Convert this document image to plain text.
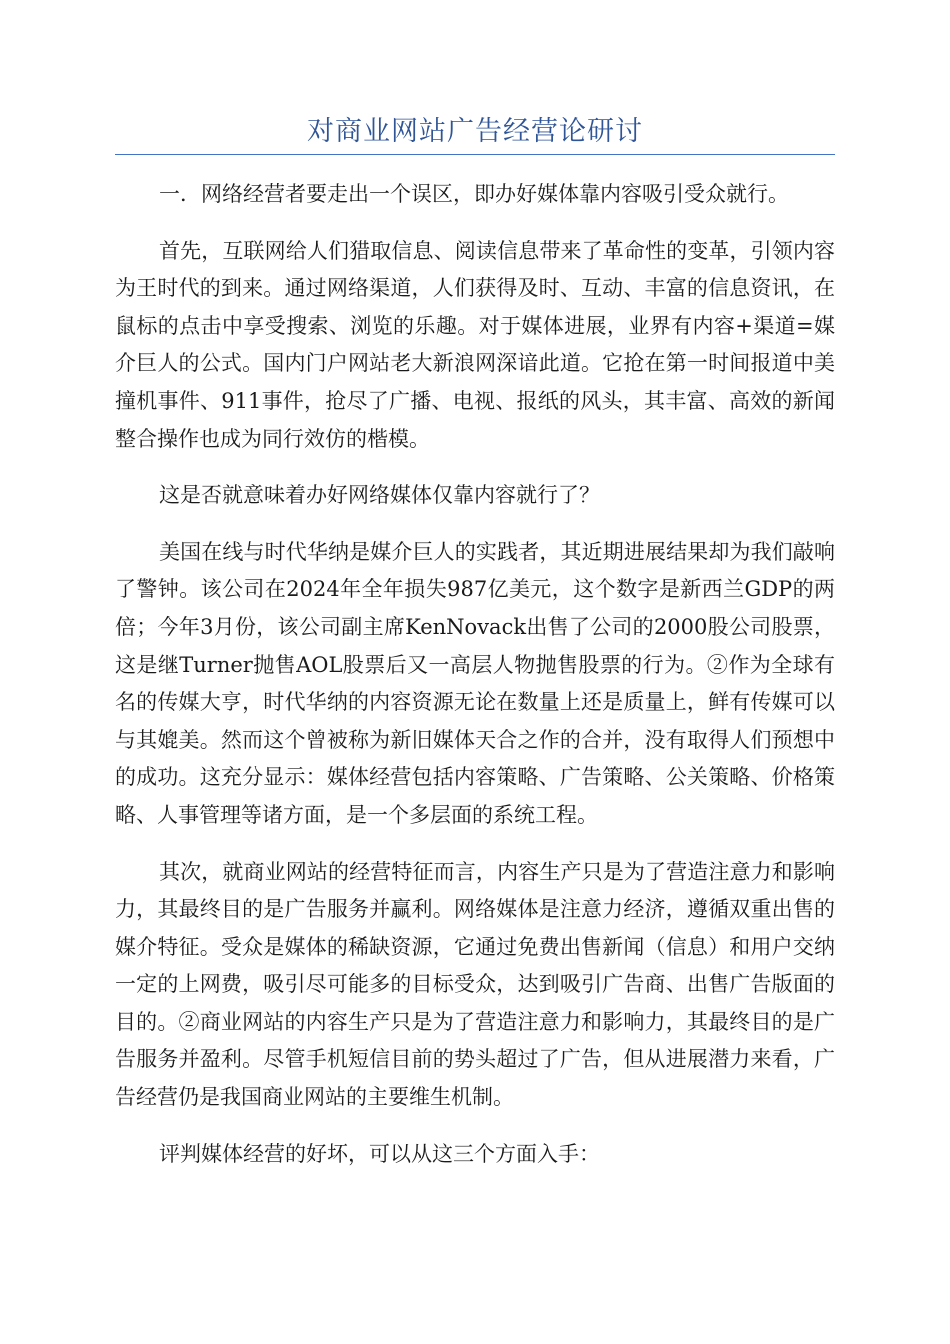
对商业网站广告经营论研讨

一．网络经营者要走出一个误区，即办好媒体靠内容吸引受众就行。

首先，互联网给人们猎取信息、阅读信息带来了革命性的变革，引领内容为王时代的到来。通过网络渠道，人们获得及时、互动、丰富的信息资讯，在鼠标的点击中享受搜索、浏览的乐趣。对于媒体进展，业界有内容+渠道=媒介巨人的公式。国内门户网站老大新浪网深谙此道。它抢在第一时间报道中美撞机事件、911事件，抢尽了广播、电视、报纸的风头，其丰富、高效的新闻整合操作也成为同行效仿的楷模。

这是否就意味着办好网络媒体仅靠内容就行了？

美国在线与时代华纳是媒介巨人的实践者，其近期进展结果却为我们敲响了警钟。该公司在2024年全年损失987亿美元，这个数字是新西兰GDP的两倍；今年3月份，该公司副主席KenNovack出售了公司的2000股公司股票，这是继Turner抛售AOL股票后又一高层人物抛售股票的行为。②作为全球有名的传媒大亨，时代华纳的内容资源无论在数量上还是质量上，鲜有传媒可以与其媲美。然而这个曾被称为新旧媒体天合之作的合并，没有取得人们预想中的成功。这充分显示：媒体经营包括内容策略、广告策略、公关策略、价格策略、人事管理等诸方面，是一个多层面的系统工程。

其次，就商业网站的经营特征而言，内容生产只是为了营造注意力和影响力，其最终目的是广告服务并赢利。网络媒体是注意力经济，遵循双重出售的媒介特征。受众是媒体的稀缺资源，它通过免费出售新闻（信息）和用户交纳一定的上网费，吸引尽可能多的目标受众，达到吸引广告商、出售广告版面的目的。②商业网站的内容生产只是为了营造注意力和影响力，其最终目的是广告服务并盈利。尽管手机短信目前的势头超过了广告，但从进展潜力来看，广告经营仍是我国商业网站的主要维生机制。

评判媒体经营的好坏，可以从这三个方面入手：
